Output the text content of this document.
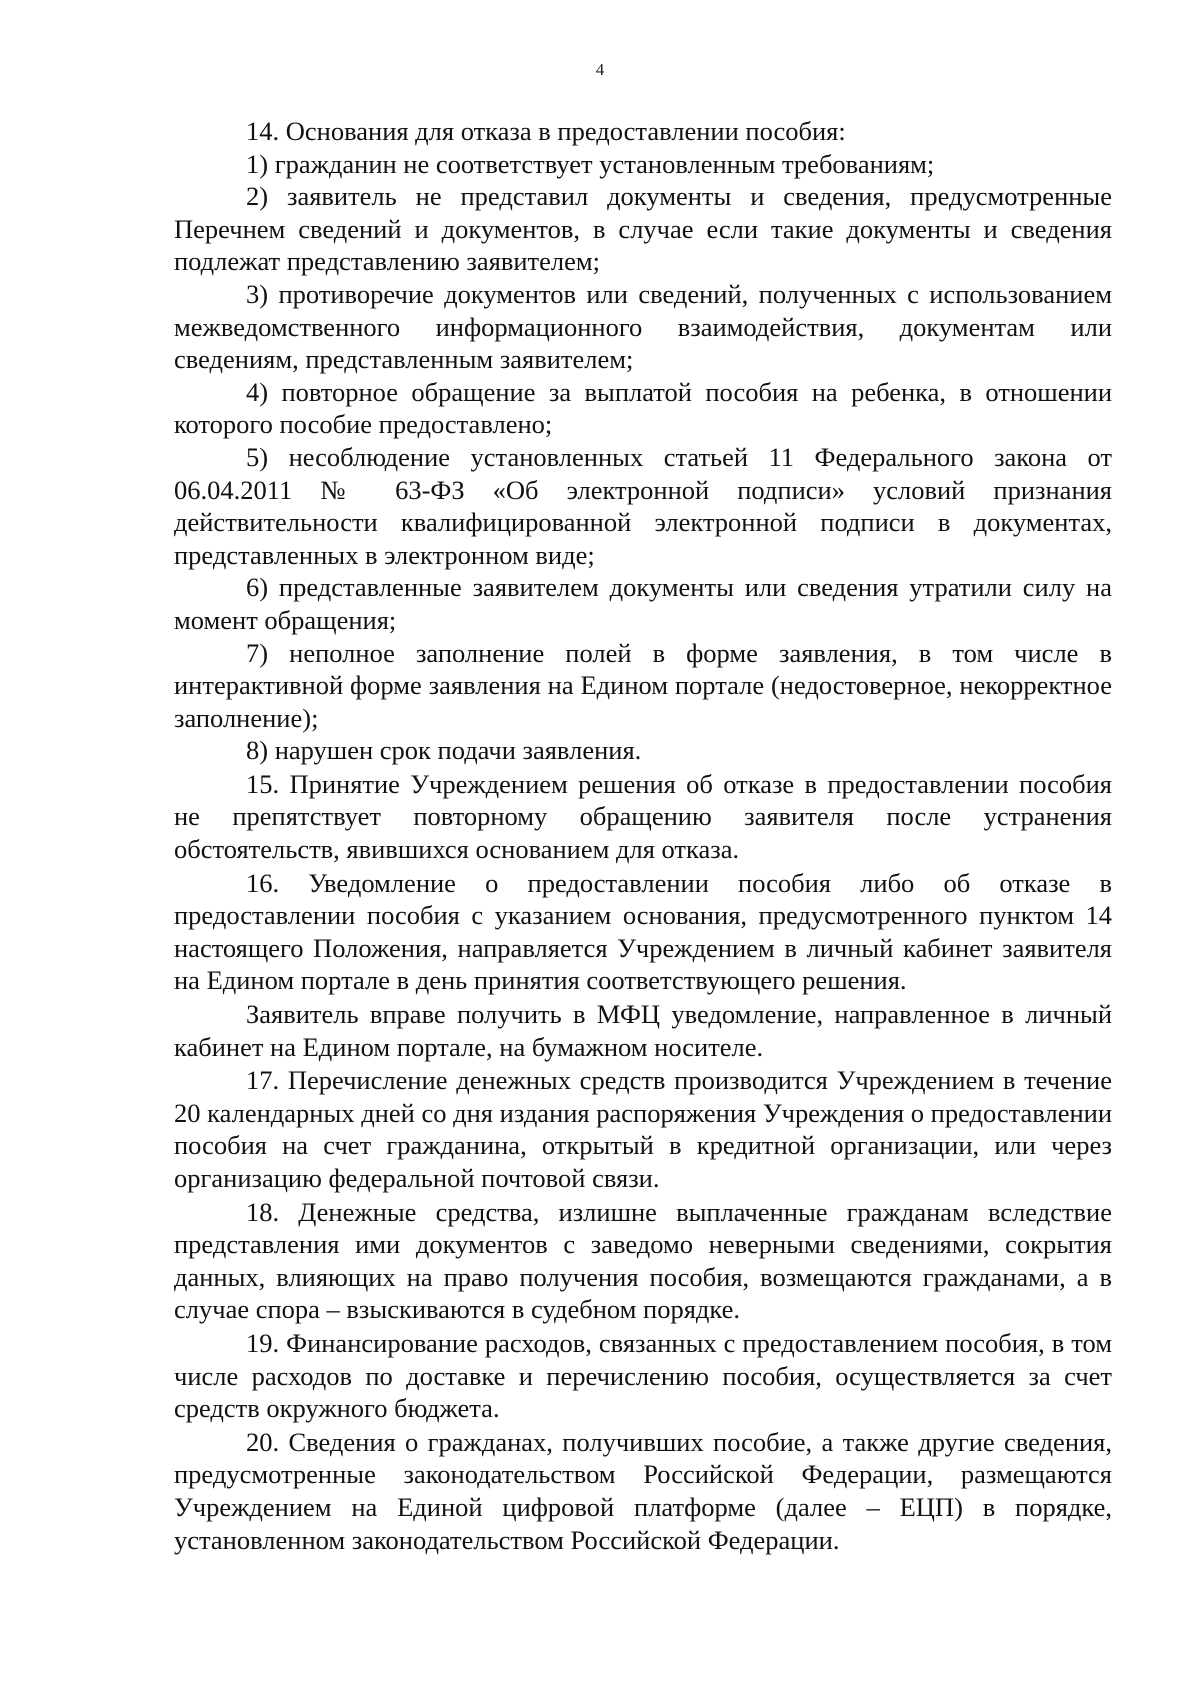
4

14. Основания для отказа в предоставлении пособия:

1) гражданин не соответствует установленным требованиям;

2) заявитель не представил документы и сведения, предусмотренные Перечнем сведений и документов, в случае если такие документы и сведения подлежат представлению заявителем;

3) противоречие документов или сведений, полученных с использованием межведомственного информационного взаимодействия, документам или сведениям, представленным заявителем;

4) повторное обращение за выплатой пособия на ребенка, в отношении которого пособие предоставлено;

5) несоблюдение установленных статьей 11 Федерального закона от 06.04.2011 № 63-ФЗ «Об электронной подписи» условий признания действительности квалифицированной электронной подписи в документах, представленных в электронном виде;

6) представленные заявителем документы или сведения утратили силу на момент обращения;

7) неполное заполнение полей в форме заявления, в том числе в интерактивной форме заявления на Едином портале (недостоверное, некорректное заполнение);

8) нарушен срок подачи заявления.

15. Принятие Учреждением решения об отказе в предоставлении пособия не препятствует повторному обращению заявителя после устранения обстоятельств, явившихся основанием для отказа.

16. Уведомление о предоставлении пособия либо об отказе в предоставлении пособия с указанием основания, предусмотренного пунктом 14 настоящего Положения, направляется Учреждением в личный кабинет заявителя на Едином портале в день принятия соответствующего решения.

Заявитель вправе получить в МФЦ уведомление, направленное в личный кабинет на Едином портале, на бумажном носителе.

17. Перечисление денежных средств производится Учреждением в течение 20 календарных дней со дня издания распоряжения Учреждения о предоставлении пособия на счет гражданина, открытый в кредитной организации, или через организацию федеральной почтовой связи.

18. Денежные средства, излишне выплаченные гражданам вследствие представления ими документов с заведомо неверными сведениями, сокрытия данных, влияющих на право получения пособия, возмещаются гражданами, а в случае спора – взыскиваются в судебном порядке.

19. Финансирование расходов, связанных с предоставлением пособия, в том числе расходов по доставке и перечислению пособия, осуществляется за счет средств окружного бюджета.

20. Сведения о гражданах, получивших пособие, а также другие сведения, предусмотренные законодательством Российской Федерации, размещаются Учреждением на Единой цифровой платформе (далее – ЕЦП) в порядке, установленном законодательством Российской Федерации.
